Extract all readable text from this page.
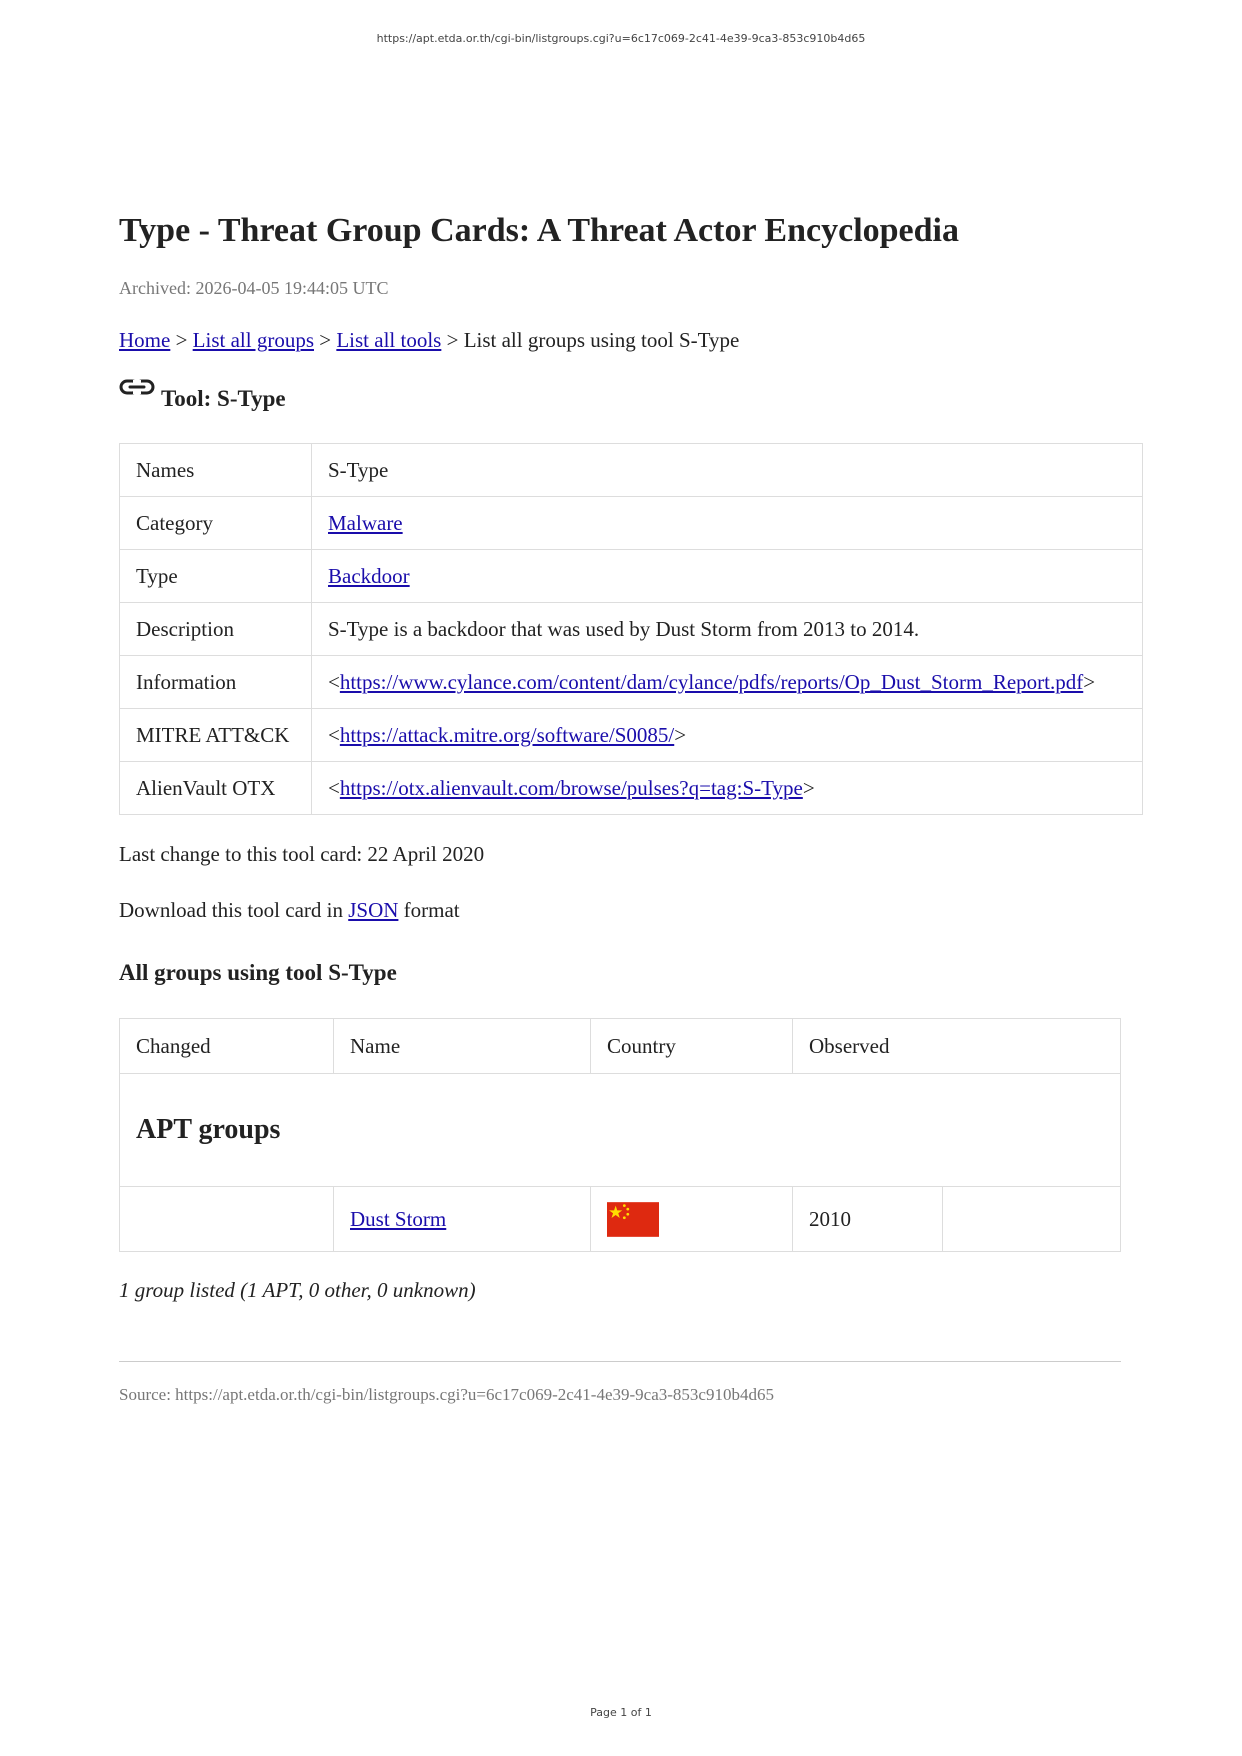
https://apt.etda.or.th/cgi-bin/listgroups.cgi?u=6c17c069-2c41-4e39-9ca3-853c910b4d65
Type - Threat Group Cards: A Threat Actor Encyclopedia
Archived: 2026-04-05 19:44:05 UTC
Home > List all groups > List all tools > List all groups using tool S-Type
Tool: S-Type
Names	S-Type
Category	Malware
Type	Backdoor
Description	S-Type is a backdoor that was used by Dust Storm from 2013 to 2014.
Information	<https://www.cylance.com/content/dam/cylance/pdfs/reports/Op_Dust_Storm_Report.pdf>
MITRE ATT&CK	<https://attack.mitre.org/software/S0085/>
AlienVault OTX	<https://otx.alienvault.com/browse/pulses?q=tag:S-Type>
Last change to this tool card: 22 April 2020
Download this tool card in JSON format
All groups using tool S-Type
Changed	Name	Country	Observed	
APT groups				
	Dust Storm		2010	
1 group listed (1 APT, 0 other, 0 unknown)
Source: https://apt.etda.or.th/cgi-bin/listgroups.cgi?u=6c17c069-2c41-4e39-9ca3-853c910b4d65
Page 1 of 1
